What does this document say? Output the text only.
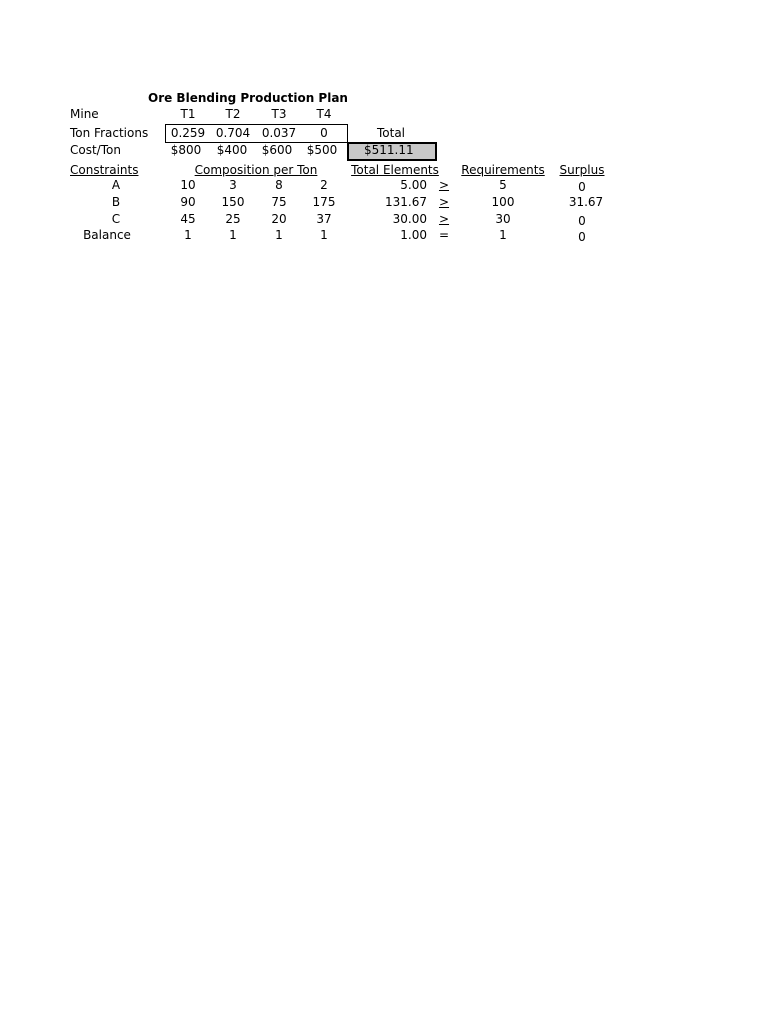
Ore Blending Production Plan
Mine	T1	T2	T3	T4
Ton Fractions 0.259 0.704 0.037 0	Total
Cost/Ton	$800 $400 $600 $500 $511.11
Constraints	Composition per Ton	Total Elements Requirements Surplus
A	10	3	8	2	5.00 >	5	0
B	90 150 75 175	131.67 >	100	31.67
C	45 25	20 37	30.00 >	30	0
Balance	1	1	1	1	1.00 =	1	0
